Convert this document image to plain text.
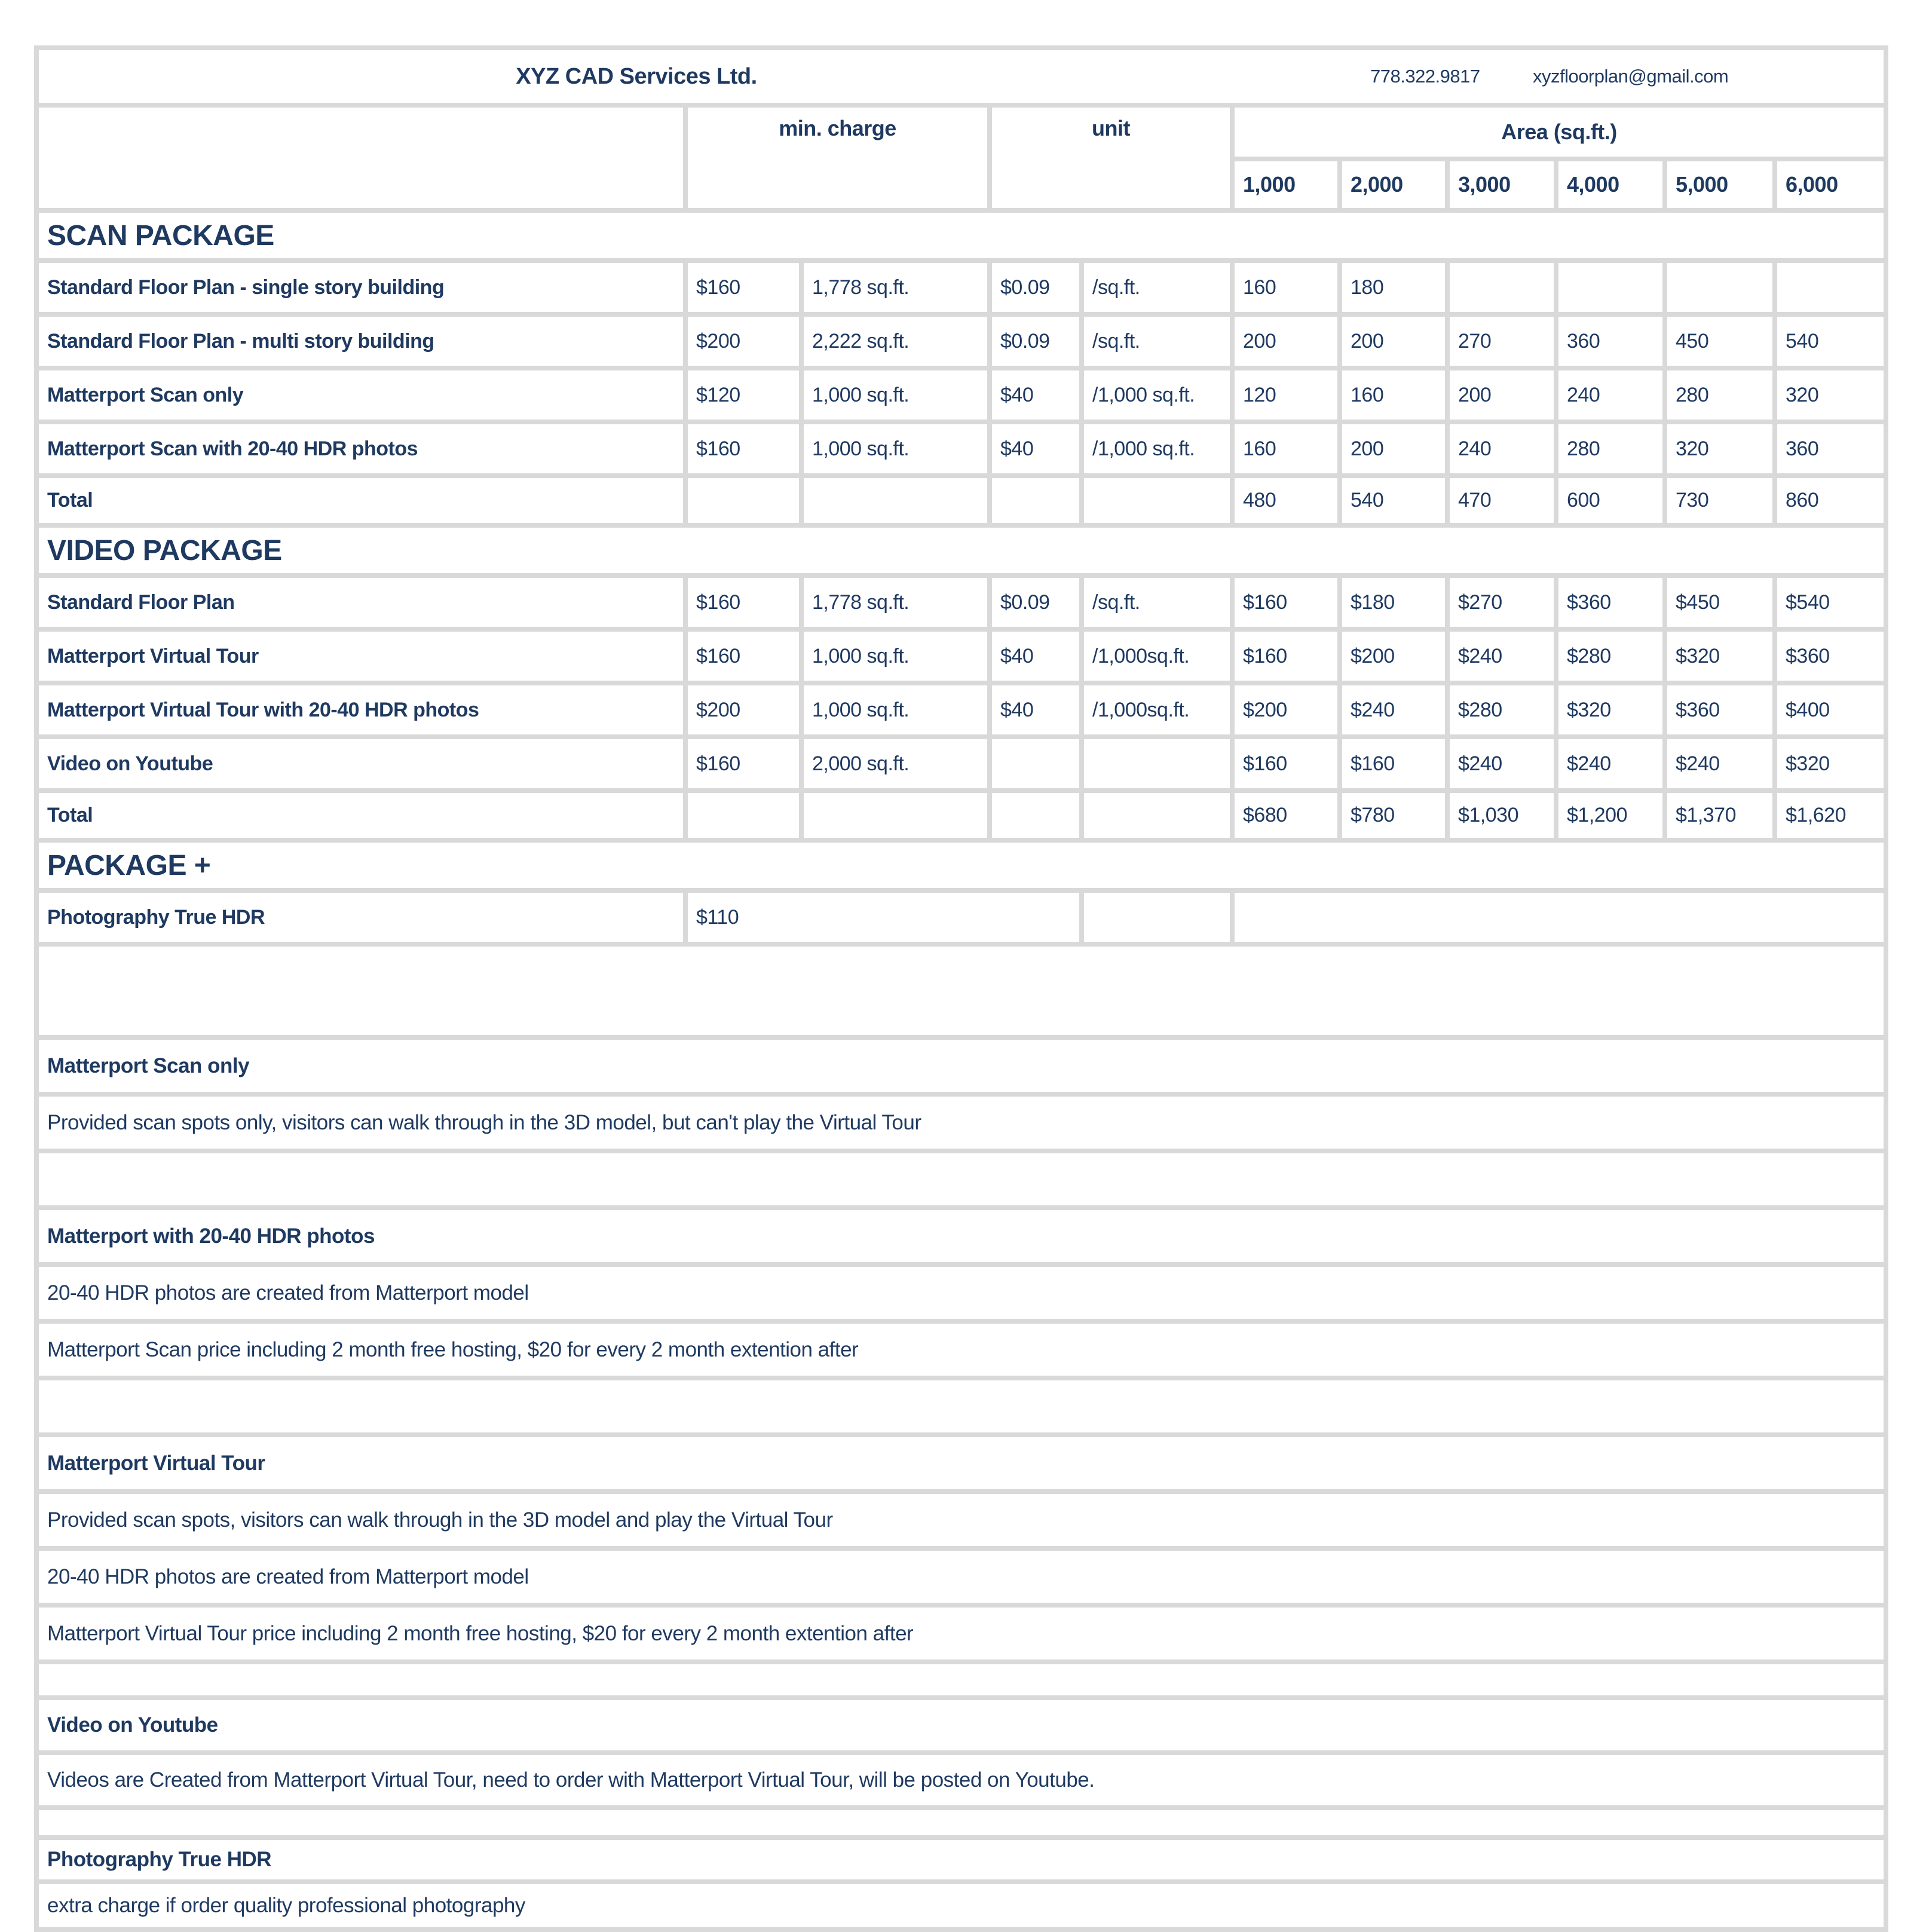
XYZ CAD Services Ltd. 778.322.9817 xyzfloorplan@gmail.com										

	min. charge		unit		Area (sq.ft.)					
					1,000	2,000	3,000	4,000	5,000	6,000
SCAN PACKAGE										
Standard Floor Plan - single story building	$160	1,778 sq.ft.	$0.09	/sq.ft.	160	180				
Standard Floor Plan - multi story building	$200	2,222 sq.ft.	$0.09	/sq.ft.	200	200	270	360	450	540
Matterport Scan only	$120	1,000 sq.ft.	$40	/1,000 sq.ft.	120	160	200	240	280	320
Matterport Scan with 20-40 HDR photos	$160	1,000 sq.ft.	$40	/1,000 sq.ft.	160	200	240	280	320	360
Total					480	540	470	600	730	860
VIDEO PACKAGE										
Standard Floor Plan	$160	1,778 sq.ft.	$0.09	/sq.ft.	$160	$180	$270	$360	$450	$540
Matterport Virtual Tour	$160	1,000 sq.ft.	$40	/1,000sq.ft.	$160	$200	$240	$280	$320	$360
Matterport Virtual Tour with 20-40 HDR photos	$200	1,000 sq.ft.	$40	/1,000sq.ft.	$200	$240	$280	$320	$360	$400
Video on Youtube	$160	2,000 sq.ft.			$160	$160	$240	$240	$240	$320
Total					$680	$780	$1,030	$1,200	$1,370	$1,620
PACKAGE +										
Photography True HDR	$110									

Matterport Scan only										
Provided scan spots only, visitors can walk through in the 3D model, but can't play the Virtual Tour										

Matterport with 20-40 HDR photos										
20-40 HDR photos are created from Matterport model										
Matterport Scan price including 2 month free hosting, $20 for every 2 month extention after										

Matterport Virtual Tour										
Provided scan spots, visitors can walk through in the 3D model and play the Virtual Tour										
20-40 HDR photos are created from Matterport model										
Matterport Virtual Tour price including 2 month free hosting, $20 for every 2 month extention after										

Video on Youtube										
Videos are Created from Matterport Virtual Tour, need to order with Matterport Virtual Tour, will be posted on Youtube.										

Photography True HDR										
extra charge if order quality professional photography										
